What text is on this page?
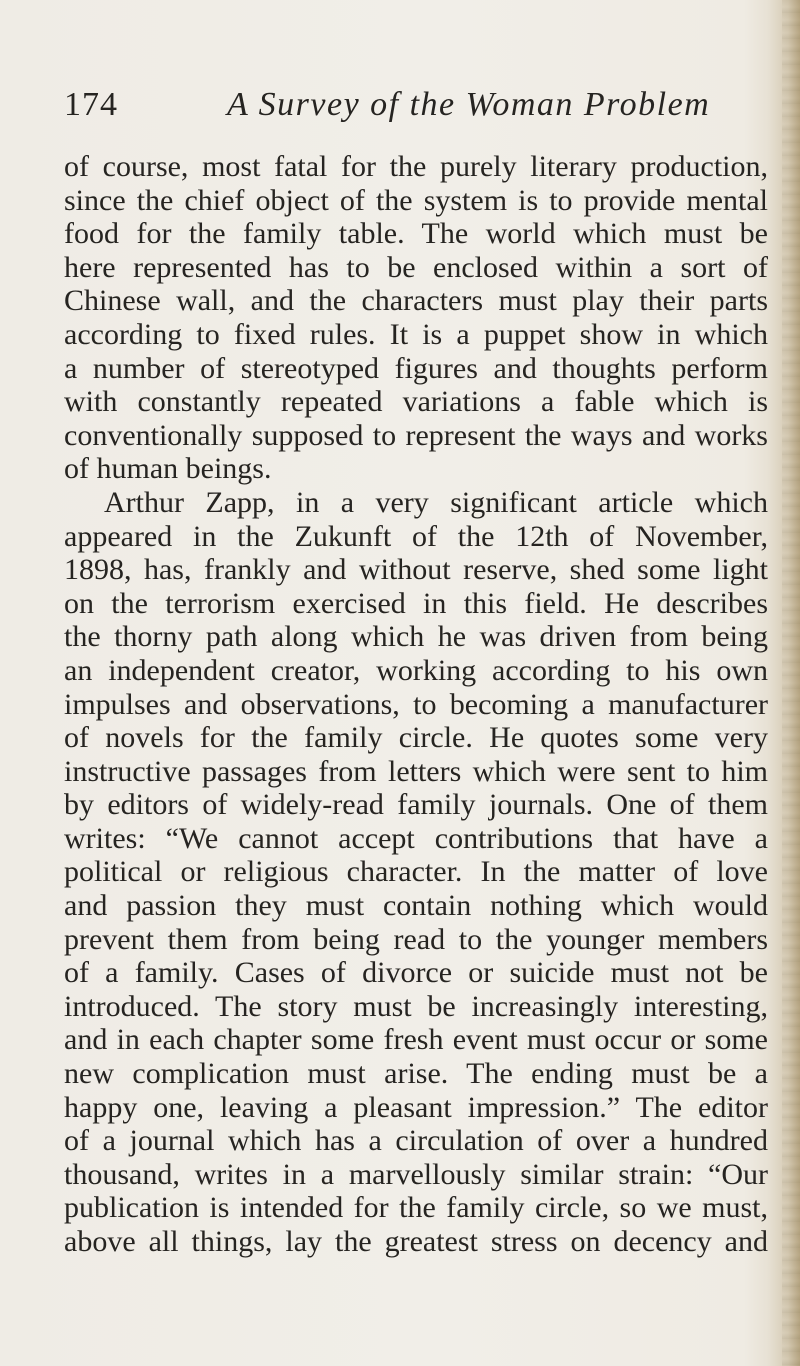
174	A Survey of the Woman Problem
of course, most fatal for the purely literary production,
since the chief object of the system is to provide mental
food for the family table. The world which must be
here represented has to be enclosed within a sort of
Chinese wall, and the characters must play their parts
according to fixed rules. It is a puppet show in which
a number of stereotyped figures and thoughts perform
with constantly repeated variations a fable which is
conventionally supposed to represent the ways and works
of human beings.
Arthur Zapp, in a very significant article which
appeared in the Zukunft of the 12th of November,
1898, has, frankly and without reserve, shed some light
on the terrorism exercised in this field. He describes
the thorny path along which he was driven from being
an independent creator, working according to his own
impulses and observations, to becoming a manufacturer
of novels for the family circle. He quotes some very
instructive passages from letters which were sent to him
by editors of widely-read family journals. One of them
writes: “We cannot accept contributions that have a
political or religious character. In the matter of love
and passion they must contain nothing which would
prevent them from being read to the younger members
of a family. Cases of divorce or suicide must not be
introduced. The story must be increasingly interesting,
and in each chapter some fresh event must occur or some
new complication must arise. The ending must be a
happy one, leaving a pleasant impression.” The editor
of a journal which has a circulation of over a hundred
thousand, writes in a marvellously similar strain: “Our
publication is intended for the family circle, so we must,
above all things, lay the greatest stress on decency and
